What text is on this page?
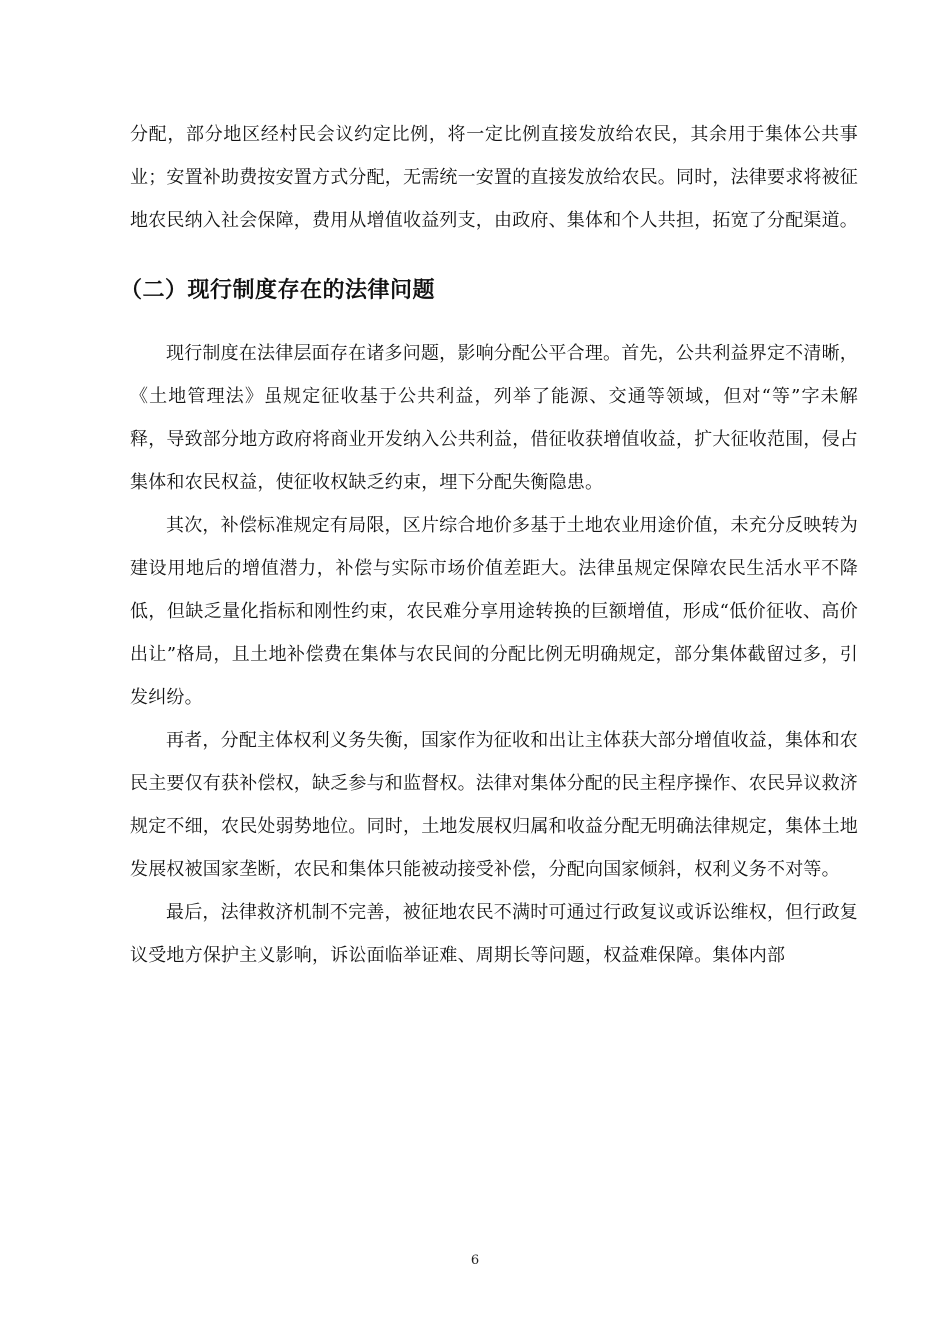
分配，部分地区经村民会议约定比例，将一定比例直接发放给农民，其余用于集体公共事业；安置补助费按安置方式分配，无需统一安置的直接发放给农民。同时，法律要求将被征地农民纳入社会保障，费用从增值收益列支，由政府、集体和个人共担，拓宽了分配渠道。

（二）现行制度存在的法律问题

现行制度在法律层面存在诸多问题，影响分配公平合理。首先，公共利益界定不清晰，《土地管理法》虽规定征收基于公共利益，列举了能源、交通等领域，但对“等”字未解释，导致部分地方政府将商业开发纳入公共利益，借征收获增值收益，扩大征收范围，侵占集体和农民权益，使征收权缺乏约束，埋下分配失衡隐患。

其次，补偿标准规定有局限，区片综合地价多基于土地农业用途价值，未充分反映转为建设用地后的增值潜力，补偿与实际市场价值差距大。法律虽规定保障农民生活水平不降低，但缺乏量化指标和刚性约束，农民难分享用途转换的巨额增值，形成“低价征收、高价出让”格局，且土地补偿费在集体与农民间的分配比例无明确规定，部分集体截留过多，引发纠纷。

再者，分配主体权利义务失衡，国家作为征收和出让主体获大部分增值收益，集体和农民主要仅有获补偿权，缺乏参与和监督权。法律对集体分配的民主程序操作、农民异议救济规定不细，农民处弱势地位。同时，土地发展权归属和收益分配无明确法律规定，集体土地发展权被国家垄断，农民和集体只能被动接受补偿，分配向国家倾斜，权利义务不对等。

最后，法律救济机制不完善，被征地农民不满时可通过行政复议或诉讼维权，但行政复议受地方保护主义影响，诉讼面临举证难、周期长等问题，权益难保障。集体内部

6
